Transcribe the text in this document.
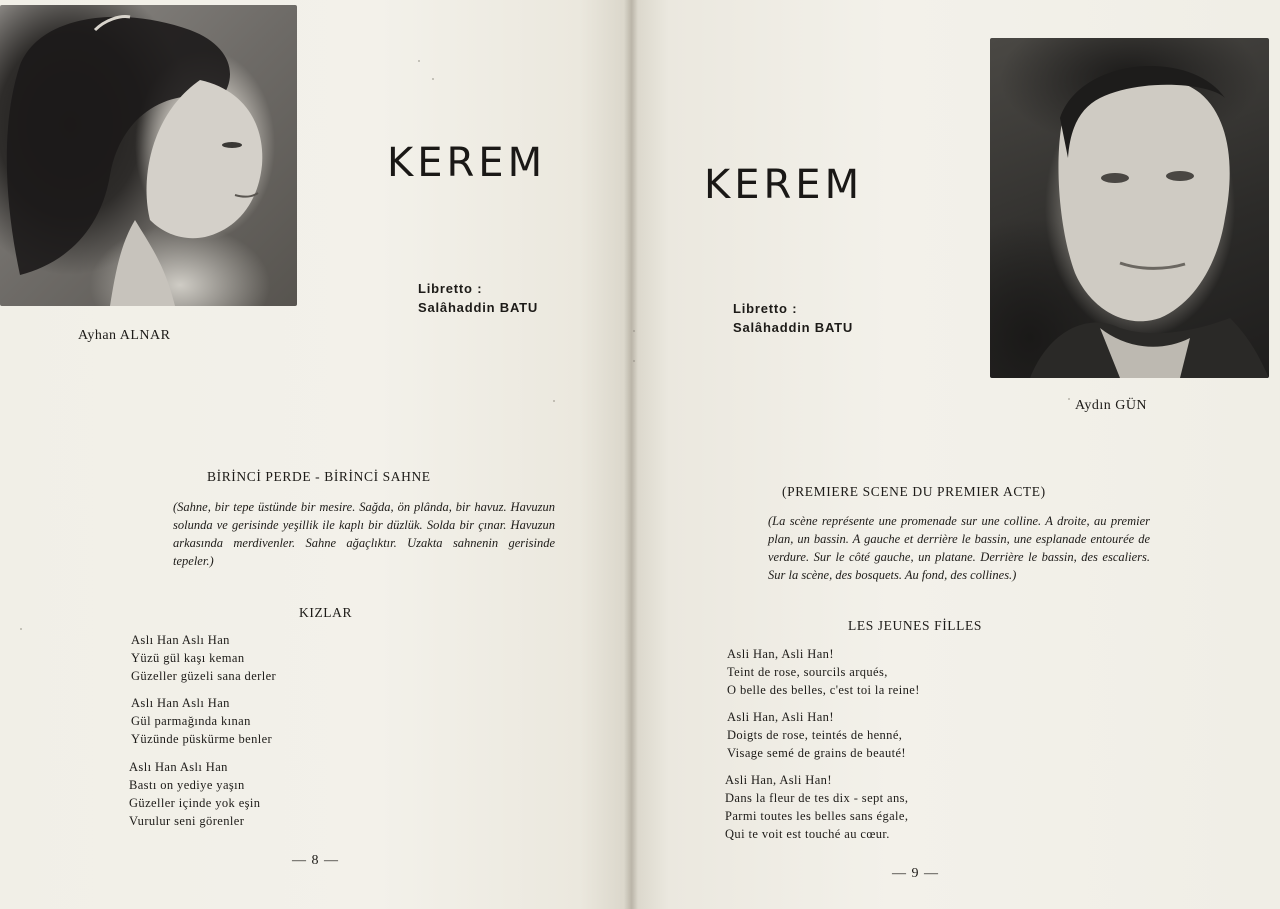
Ayhan ALNAR
KEREM
Libretto :
Salâhaddin BATU
BİRİNCİ PERDE - BİRİNCİ SAHNE
(Sahne, bir tepe üstünde bir mesire. Sağda, ön plânda, bir havuz. Havuzun solunda ve gerisinde yeşillik ile kaplı bir düzlük. Solda bir çınar. Havuzun arkasında merdivenler. Sahne ağaçlıktır. Uzakta sahnenin gerisinde tepeler.)
KIZLAR
Aslı Han Aslı Han
Yüzü gül kaşı keman
Güzeller güzeli sana derler
Aslı Han Aslı Han
Gül parmağında kınan
Yüzünde püskürme benler
Aslı Han Aslı Han
Bastı on yediye yaşın
Güzeller içinde yok eşin
Vurulur seni görenler
— 8 —
KEREM
Libretto :
Salâhaddin BATU
Aydın GÜN
(PREMIERE SCENE DU PREMIER ACTE)
(La scène représente une promenade sur une colline. A droite, au premier plan, un bassin. A gauche et derrière le bassin, une esplanade entourée de verdure. Sur le côté gauche, un platane. Derrière le bassin, des escaliers. Sur la scène, des bosquets. Au fond, des collines.)
LES JEUNES FİLLES
Asli Han, Asli Han!
Teint de rose, sourcils arqués,
O belle des belles, c'est toi la reine!
Asli Han, Asli Han!
Doigts de rose, teintés de henné,
Visage semé de grains de beauté!
Asli Han, Asli Han!
Dans la fleur de tes dix - sept ans,
Parmi toutes les belles sans égale,
Qui te voit est touché au cœur.
— 9 —
